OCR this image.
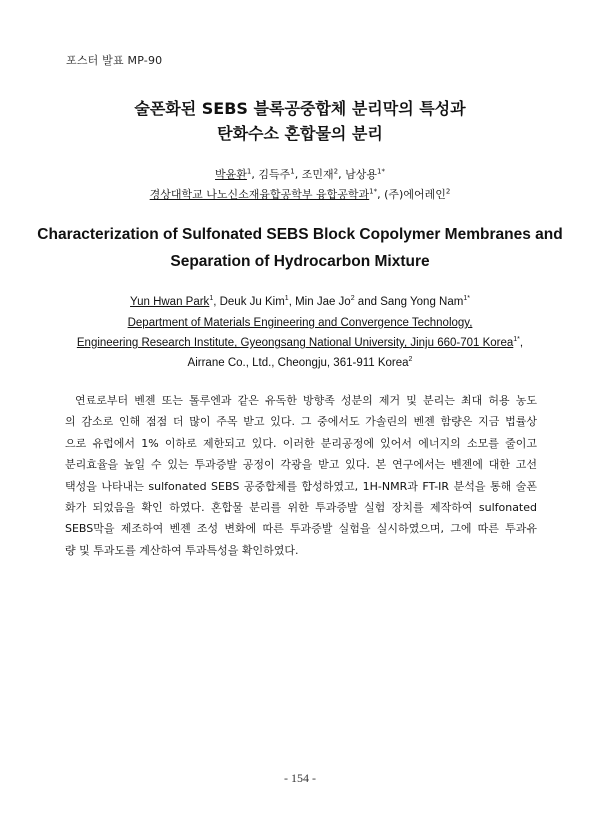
포스터 발표 MP-90
술폰화된 SEBS 블록공중합체 분리막의 특성과
탄화수소 혼합물의 분리
박윤환$^1$, 김득주$^1$, 조민재$^2$, 남상용$^{1*}$
경상대학교 나노신소재융합공학부 융합공학과$^{1*}$, (주)에어레인$^2$
Characterization of Sulfonated SEBS Block Copolymer Membranes and
Separation of Hydrocarbon Mixture
Yun Hwan Park$^1$, Deuk Ju Kim$^1$, Min Jae Jo$^2$ and Sang Yong Nam$^{1*}$
Department of Materials Engineering and Convergence Technology,
Engineering Research Institute, Gyeongsang National University, Jinju 660-701 Korea$^{1*}$,
Airrane Co., Ltd., Cheongju, 361-911 Korea$^2$
연료로부터 벤젠 또는 톨루엔과 같은 유독한 방향족 성분의 제거 및 분리는 최대 허용 농도
의 감소로 인해 점점 더 많이 주목 받고 있다. 그 중에서도 가솔린의 벤젠 함량은 지금 법률상
으로 유럽에서 1% 이하로 제한되고 있다. 이러한 분리공정에 있어서 에너지의 소모를 줄이고
분리효율을 높일 수 있는 투과증발 공정이 각광을 받고 있다. 본 연구에서는 벤젠에 대한 고선
택성을 나타내는 sulfonated SEBS 공중합체를 합성하였고, 1H-NMR과 FT-IR 분석을 통해 술폰
화가 되었음을 확인 하였다. 혼합물 분리를 위한 투과증발 실험 장치를 제작하여 sulfonated
SEBS막을 제조하여 벤젠 조성 변화에 따른 투과증발 실험을 실시하였으며, 그에 따른 투과유
량 및 투과도를 계산하여 투과특성을 확인하였다.
- 154 -
